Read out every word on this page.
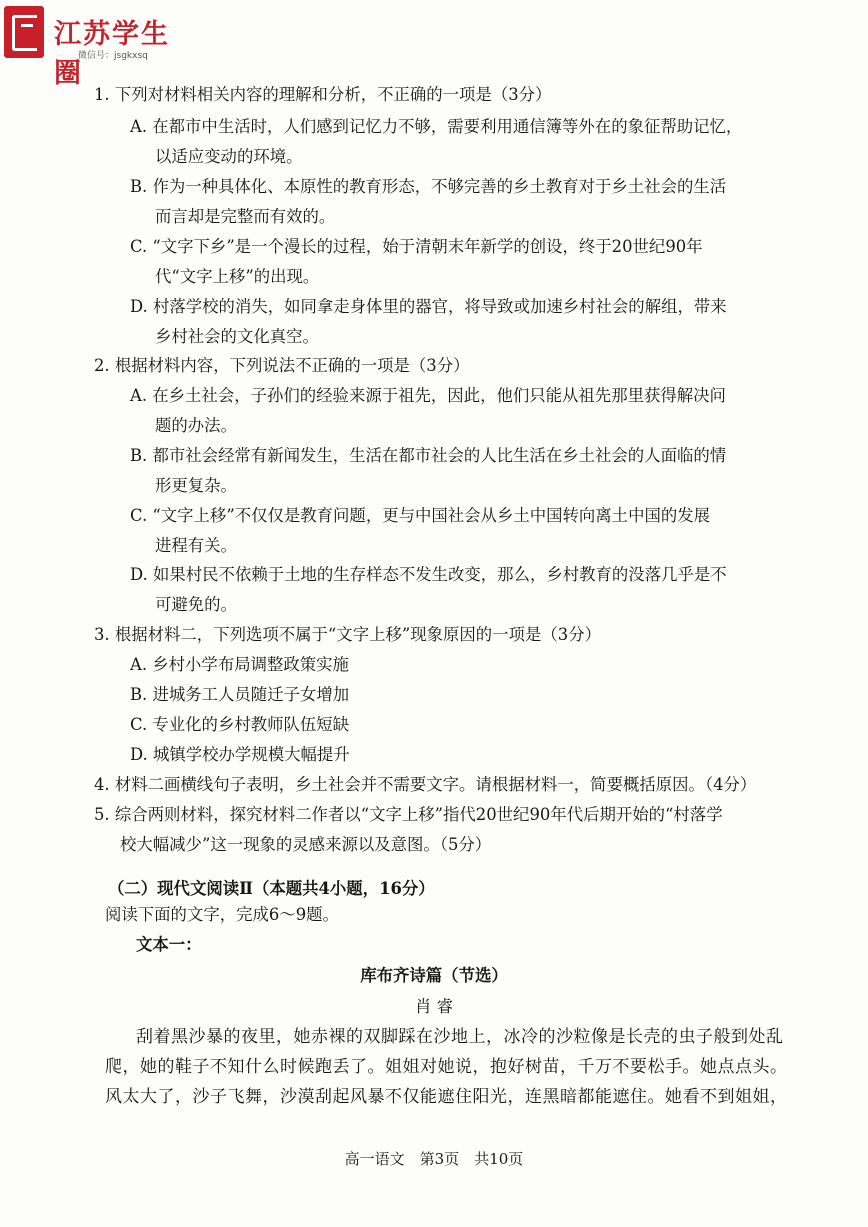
江苏学生圈
微信号：jsgkxsq
1. 下列对材料相关内容的理解和分析，不正确的一项是（3分）
A. 在都市中生活时，人们感到记忆力不够，需要利用通信簿等外在的象征帮助记忆，
以适应变动的环境。
B. 作为一种具体化、本原性的教育形态，不够完善的乡土教育对于乡土社会的生活
而言却是完整而有效的。
C. “文字下乡”是一个漫长的过程，始于清朝末年新学的创设，终于20世纪90年
代“文字上移”的出现。
D. 村落学校的消失，如同拿走身体里的器官，将导致或加速乡村社会的解组，带来
乡村社会的文化真空。
2. 根据材料内容，下列说法不正确的一项是（3分）
A. 在乡土社会，子孙们的经验来源于祖先，因此，他们只能从祖先那里获得解决问
题的办法。
B. 都市社会经常有新闻发生，生活在都市社会的人比生活在乡土社会的人面临的情
形更复杂。
C. “文字上移”不仅仅是教育问题，更与中国社会从乡土中国转向离土中国的发展
进程有关。
D. 如果村民不依赖于土地的生存样态不发生改变，那么，乡村教育的没落几乎是不
可避免的。
3. 根据材料二，下列选项不属于“文字上移”现象原因的一项是（3分）
A. 乡村小学布局调整政策实施
B. 进城务工人员随迁子女增加
C. 专业化的乡村教师队伍短缺
D. 城镇学校办学规模大幅提升
4. 材料二画横线句子表明，乡土社会并不需要文字。请根据材料一，简要概括原因。（4分）
5. 综合两则材料，探究材料二作者以“文字上移”指代20世纪90年代后期开始的“村落学
校大幅减少”这一现象的灵感来源以及意图。（5分）
（二）现代文阅读Ⅱ（本题共4小题，16分）
阅读下面的文字，完成6～9题。
文本一：
库布齐诗篇（节选）
肖 睿
刮着黑沙暴的夜里，她赤裸的双脚踩在沙地上，冰冷的沙粒像是长壳的虫子般到处乱
爬，她的鞋子不知什么时候跑丢了。姐姐对她说，抱好树苗，千万不要松手。她点点头。
风太大了，沙子飞舞，沙漠刮起风暴不仅能遮住阳光，连黑暗都能遮住。她看不到姐姐，
高一语文　第3页　共10页
